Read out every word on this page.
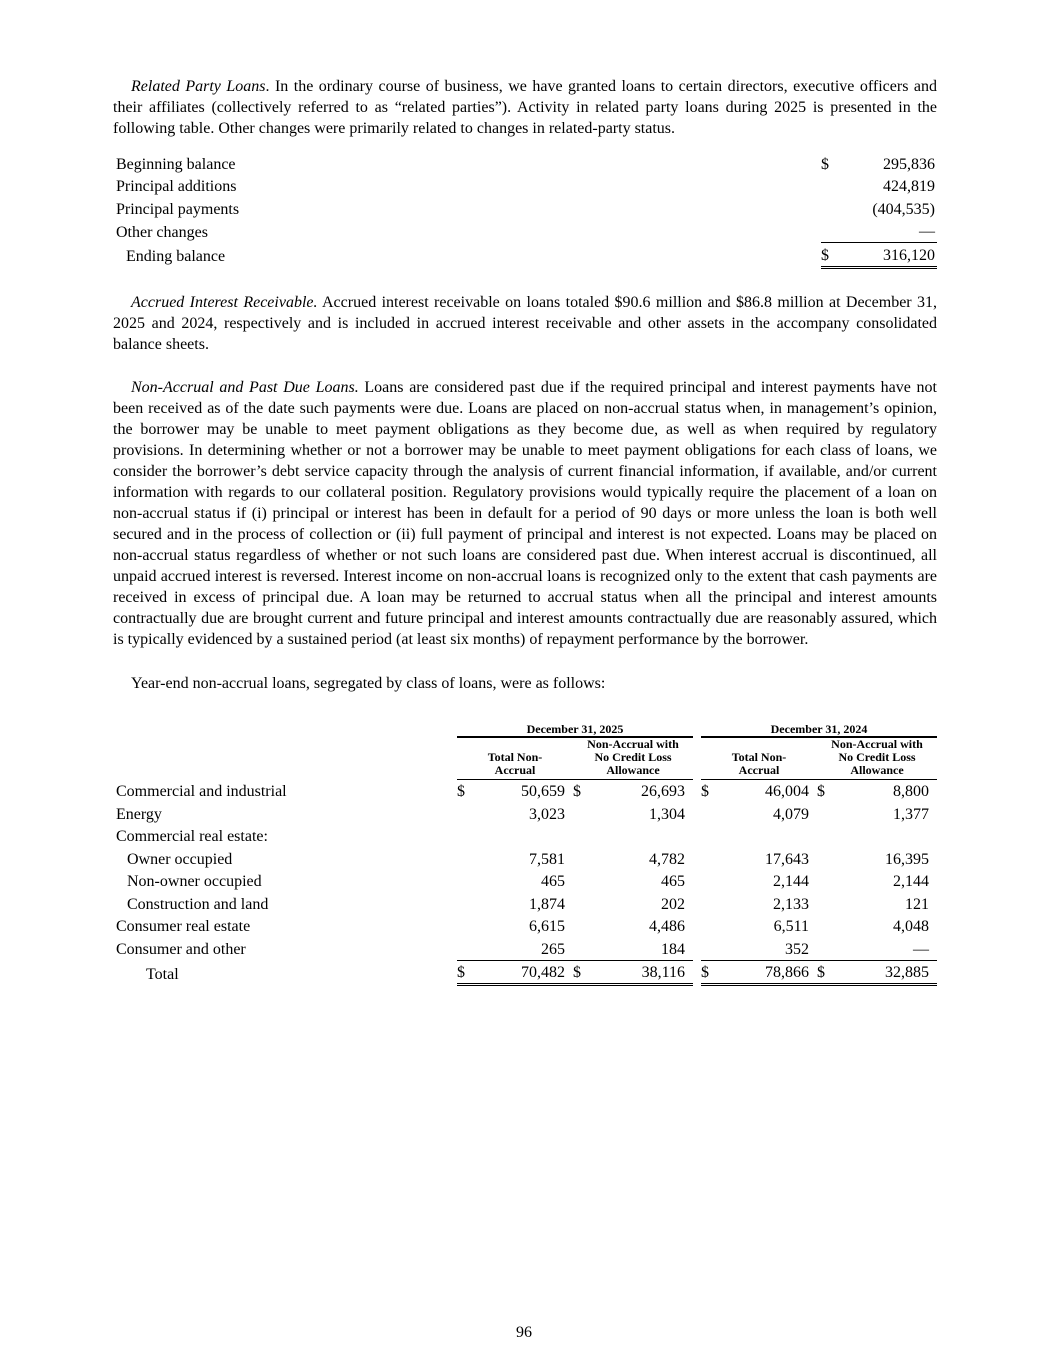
Related Party Loans. In the ordinary course of business, we have granted loans to certain directors, executive officers and their affiliates (collectively referred to as “related parties”). Activity in related party loans during 2025 is presented in the following table. Other changes were primarily related to changes in related-party status.

Beginning balance	$	295,836
Principal additions		424,819
Principal payments		(404,535)
Other changes		—
Ending balance	$	316,120

Accrued Interest Receivable. Accrued interest receivable on loans totaled $90.6 million and $86.8 million at December 31, 2025 and 2024, respectively and is included in accrued interest receivable and other assets in the accompany consolidated balance sheets.

Non-Accrual and Past Due Loans. Loans are considered past due if the required principal and interest payments have not been received as of the date such payments were due. Loans are placed on non-accrual status when, in management’s opinion, the borrower may be unable to meet payment obligations as they become due, as well as when required by regulatory provisions. In determining whether or not a borrower may be unable to meet payment obligations for each class of loans, we consider the borrower’s debt service capacity through the analysis of current financial information, if available, and/or current information with regards to our collateral position. Regulatory provisions would typically require the placement of a loan on non-accrual status if (i) principal or interest has been in default for a period of 90 days or more unless the loan is both well secured and in the process of collection or (ii) full payment of principal and interest is not expected. Loans may be placed on non-accrual status regardless of whether or not such loans are considered past due. When interest accrual is discontinued, all unpaid accrued interest is reversed. Interest income on non-accrual loans is recognized only to the extent that cash payments are received in excess of principal due. A loan may be returned to accrual status when all the principal and interest amounts contractually due are brought current and future principal and interest amounts contractually due are reasonably assured, which is typically evidenced by a sustained period (at least six months) of repayment performance by the borrower.

Year-end non-accrual loans, segregated by class of loans, were as follows:

	December 31, 2025					December 31, 2024			

	Total Non-Accrual		Non-Accrual with No Credit Loss Allowance			Total Non-Accrual		Non-Accrual with No Credit Loss Allowance	

Commercial and industrial	$	50,659	$	26,693		$	46,004	$	8,800
Energy		3,023		1,304			4,079		1,377
Commercial real estate:									
Owner occupied		7,581		4,782			17,643		16,395
Non-owner occupied		465		465			2,144		2,144
Construction and land		1,874		202			2,133		121
Consumer real estate		6,615		4,486			6,511		4,048
Consumer and other		265		184			352		—
Total	$	70,482	$	38,116		$	78,866	$	32,885
96
